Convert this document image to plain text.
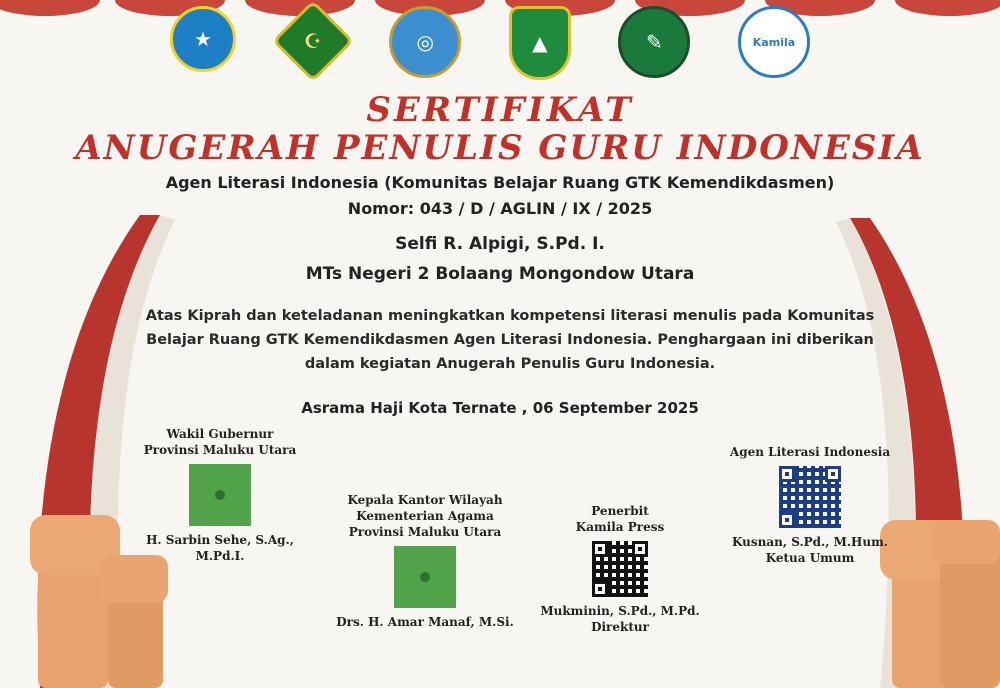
★	☪	◎	▲	✎	Kamila
SERTIFIKAT
ANUGERAH PENULIS GURU INDONESIA
Agen Literasi Indonesia (Komunitas Belajar Ruang GTK Kemendikdasmen)
Nomor: 043 / D / AGLIN / IX / 2025
Selfi R. Alpigi, S.Pd. I.
MTs Negeri 2 Bolaang Mongondow Utara
Atas Kiprah dan keteladanan meningkatkan kompetensi literasi menulis pada Komunitas Belajar Ruang GTK Kemendikdasmen Agen Literasi Indonesia. Penghargaan ini diberikan dalam kegiatan Anugerah Penulis Guru Indonesia.
Asrama Haji Kota Ternate , 06 September 2025
Wakil Gubernur
Provinsi Maluku Utara
H. Sarbin Sehe, S.Ag., M.Pd.I.
Kepala Kantor Wilayah
Kementerian Agama
Provinsi Maluku Utara
Drs. H. Amar Manaf, M.Si.
Penerbit
Kamila Press
Mukminin, S.Pd., M.Pd.
Direktur
Agen Literasi Indonesia
Kusnan, S.Pd., M.Hum.
Ketua Umum
